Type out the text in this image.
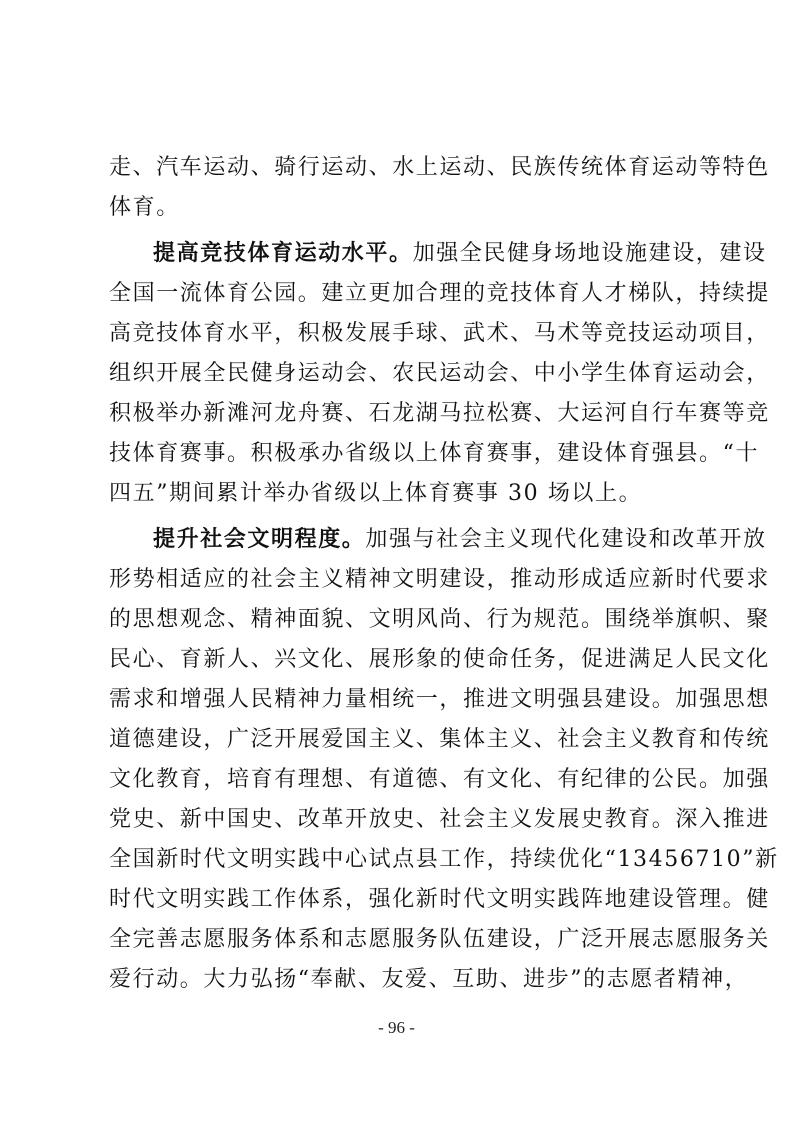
走、汽车运动、骑行运动、水上运动、民族传统体育运动等特色
体育。
提高竞技体育运动水平。加强全民健身场地设施建设，建设
全国一流体育公园。建立更加合理的竞技体育人才梯队，持续提
高竞技体育水平，积极发展手球、武术、马术等竞技运动项目，
组织开展全民健身运动会、农民运动会、中小学生体育运动会，
积极举办新滩河龙舟赛、石龙湖马拉松赛、大运河自行车赛等竞
技体育赛事。积极承办省级以上体育赛事，建设体育强县。“十
四五”期间累计举办省级以上体育赛事 30 场以上。
提升社会文明程度。加强与社会主义现代化建设和改革开放
形势相适应的社会主义精神文明建设，推动形成适应新时代要求
的思想观念、精神面貌、文明风尚、行为规范。围绕举旗帜、聚
民心、育新人、兴文化、展形象的使命任务，促进满足人民文化
需求和增强人民精神力量相统一，推进文明强县建设。加强思想
道德建设，广泛开展爱国主义、集体主义、社会主义教育和传统
文化教育，培育有理想、有道德、有文化、有纪律的公民。加强
党史、新中国史、改革开放史、社会主义发展史教育。深入推进
全国新时代文明实践中心试点县工作，持续优化“13456710”新
时代文明实践工作体系，强化新时代文明实践阵地建设管理。健
全完善志愿服务体系和志愿服务队伍建设，广泛开展志愿服务关
爱行动。大力弘扬“奉献、友爱、互助、进步”的志愿者精神，
- 96 -
